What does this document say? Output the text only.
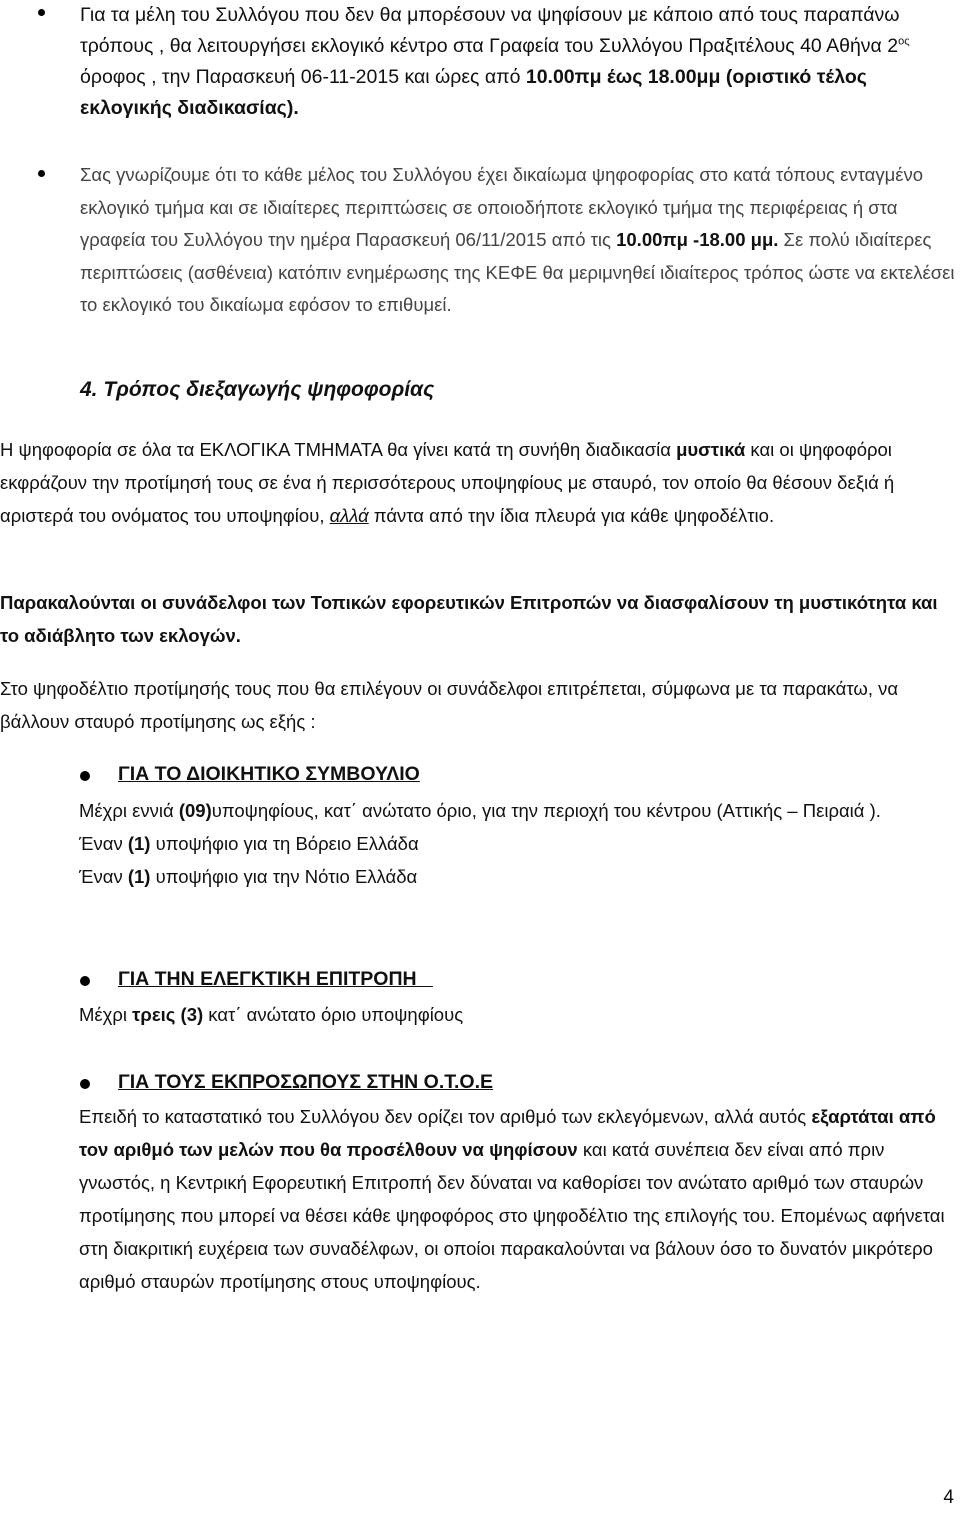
Για τα μέλη του Συλλόγου που δεν θα μπορέσουν να ψηφίσουν με κάποιο από τους παραπάνω τρόπους , θα λειτουργήσει εκλογικό κέντρο στα Γραφεία του Συλλόγου Πραξιτέλους 40 Αθήνα $2^{o\varsigma}$ όροφος , την Παρασκευή 06-11-2015 και ώρες από 10.00πμ έως 18.00μμ (οριστικό τέλος εκλογικής διαδικασίας).

Σας γνωρίζουμε ότι το κάθε μέλος του Συλλόγου έχει δικαίωμα ψηφοφορίας στο κατά τόπους ενταγμένο εκλογικό τμήμα και σε ιδιαίτερες περιπτώσεις σε οποιοδήποτε εκλογικό τμήμα της περιφέρειας ή στα γραφεία του Συλλόγου την ημέρα Παρασκευή 06/11/2015 από τις 10.00πμ -18.00 μμ. Σε πολύ ιδιαίτερες περιπτώσεις (ασθένεια) κατόπιν ενημέρωσης της ΚΕΦΕ θα μεριμνηθεί ιδιαίτερος τρόπος ώστε να εκτελέσει το εκλογικό του δικαίωμα εφόσον το επιθυμεί.

4. Τρόπος διεξαγωγής ψηφοφορίας

Η ψηφοφορία σε όλα τα ΕΚΛΟΓΙΚΑ ΤΜΗΜΑΤΑ θα γίνει κατά τη συνήθη διαδικασία μυστικά και οι ψηφοφόροι εκφράζουν την προτίμησή τους σε ένα ή περισσότερους υποψηφίους με σταυρό, τον οποίο θα θέσουν δεξιά ή αριστερά του ονόματος του υποψηφίου, αλλά πάντα από την ίδια πλευρά για κάθε ψηφοδέλτιο.

Παρακαλούνται οι συνάδελφοι των Τοπικών εφορευτικών Επιτροπών να διασφαλίσουν τη μυστικότητα και το αδιάβλητο των εκλογών.

Στο ψηφοδέλτιο προτίμησής τους που θα επιλέγουν οι συνάδελφοι επιτρέπεται, σύμφωνα με τα παρακάτω, να βάλλουν σταυρό προτίμησης ως εξής :

ΓΙΑ ΤΟ ΔΙΟΙΚΗΤΙΚΟ ΣΥΜΒΟΥΛΙΟ

Μέχρι εννιά (09)υποψηφίους, κατ΄ ανώτατο όριο, για την περιοχή του κέντρου (Αττικής – Πειραιά ).
Έναν (1) υποψήφιο για τη Βόρειο Ελλάδα
Έναν (1) υποψήφιο για την Νότιο Ελλάδα

ΓΙΑ ΤΗΝ ΕΛΕΓΚΤΙΚΗ ΕΠΙΤΡΟΠΗ

Μέχρι τρεις (3) κατ΄ ανώτατο όριο υποψηφίους

ΓΙΑ ΤΟΥΣ ΕΚΠΡΟΣΩΠΟΥΣ ΣΤΗΝ Ο.Τ.Ο.Ε

Επειδή το καταστατικό του Συλλόγου δεν ορίζει τον αριθμό των εκλεγόμενων, αλλά αυτός εξαρτάται από τον αριθμό των μελών που θα προσέλθουν να ψηφίσουν και κατά συνέπεια δεν είναι από πριν γνωστός, η Κεντρική Εφορευτική Επιτροπή δεν δύναται να καθορίσει τον ανώτατο αριθμό των σταυρών προτίμησης που μπορεί να θέσει κάθε ψηφοφόρος στο ψηφοδέλτιο της επιλογής του. Επομένως αφήνεται στη διακριτική ευχέρεια των συναδέλφων, οι οποίοι παρακαλούνται να βάλουν όσο το δυνατόν μικρότερο αριθμό σταυρών προτίμησης στους υποψηφίους.
4
